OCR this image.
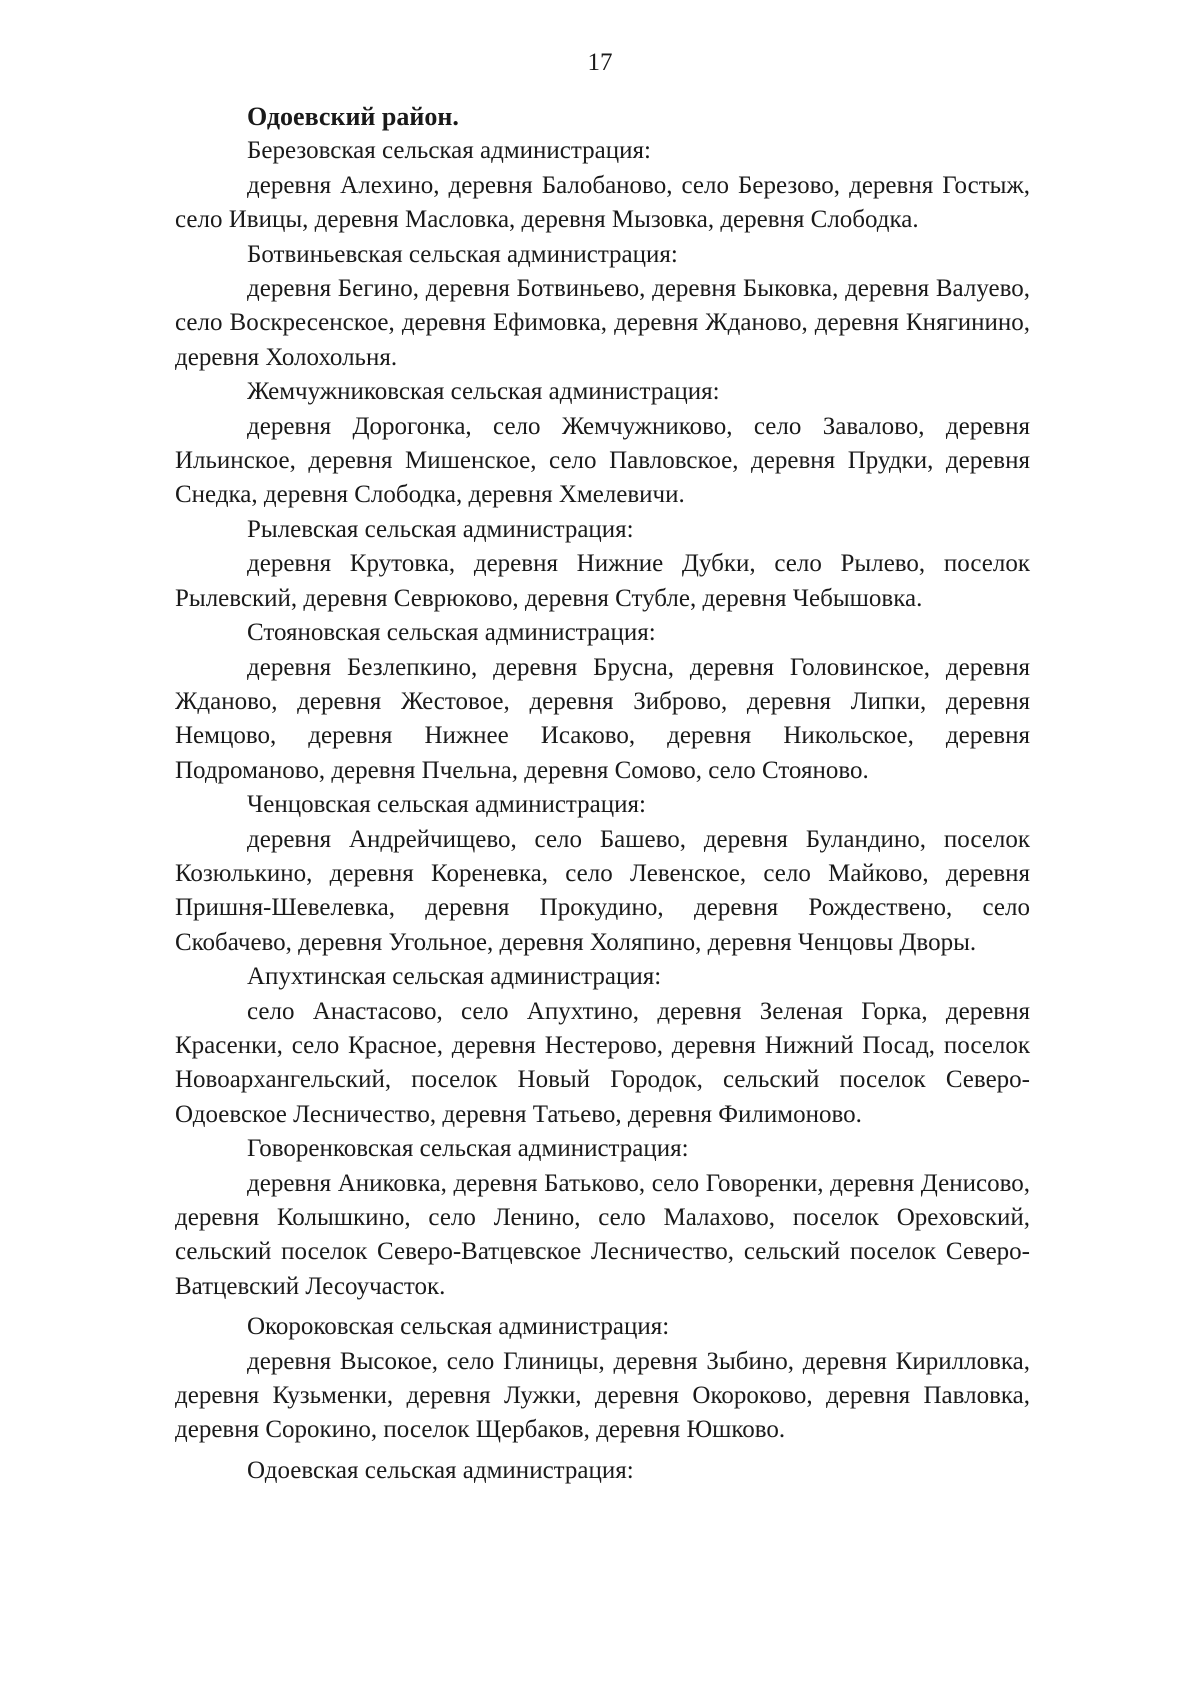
17

Одоевский район.

Березовская сельская администрация:

деревня Алехино, деревня Балобаново, село Березово, деревня Гостыж, село Ивицы, деревня Масловка, деревня Мызовка, деревня Слободка.

Ботвиньевская сельская администрация:

деревня Бегино, деревня Ботвиньево, деревня Быковка, деревня Валуево, село Воскресенское, деревня Ефимовка, деревня Жданово, деревня Княгинино, деревня Холохольня.

Жемчужниковская сельская администрация:

деревня Дорогонка, село Жемчужниково, село Завалово, деревня Ильинское, деревня Мишенское, село Павловское, деревня Прудки, деревня Снедка, деревня Слободка, деревня Хмелевичи.

Рылевская сельская администрация:

деревня Крутовка, деревня Нижние Дубки, село Рылево, поселок Рылевский, деревня Севрюково, деревня Стубле, деревня Чебышовка.

Стояновская сельская администрация:

деревня Безлепкино, деревня Брусна, деревня Головинское, деревня Жданово, деревня Жестовое, деревня Зиброво, деревня Липки, деревня Немцово, деревня Нижнее Исаково, деревня Никольское, деревня Подроманово, деревня Пчельна, деревня Сомово, село Стояново.

Ченцовская сельская администрация:

деревня Андрейчищево, село Башево, деревня Буландино, поселок Козюлькино, деревня Кореневка, село Левенское, село Майково, деревня Пришня-Шевелевка, деревня Прокудино, деревня Рождествено, село Скобачево, деревня Угольное, деревня Холяпино, деревня Ченцовы Дворы.

Апухтинская сельская администрация:

село Анастасово, село Апухтино, деревня Зеленая Горка, деревня Красенки, село Красное, деревня Нестерово, деревня Нижний Посад, поселок Новоархангельский, поселок Новый Городок, сельский поселок Северо-Одоевское Лесничество, деревня Татьево, деревня Филимоново.

Говоренковская сельская администрация:

деревня Аниковка, деревня Батьково, село Говоренки, деревня Денисово, деревня Колышкино, село Ленино, село Малахово, поселок Ореховский, сельский поселок Северо-Ватцевское Лесничество, сельский поселок Северо-Ватцевский Лесоучасток.

Окороковская сельская администрация:

деревня Высокое, село Глиницы, деревня Зыбино, деревня Кирилловка, деревня Кузьменки, деревня Лужки, деревня Окороково, деревня Павловка, деревня Сорокино, поселок Щербаков, деревня Юшково.

Одоевская сельская администрация:
